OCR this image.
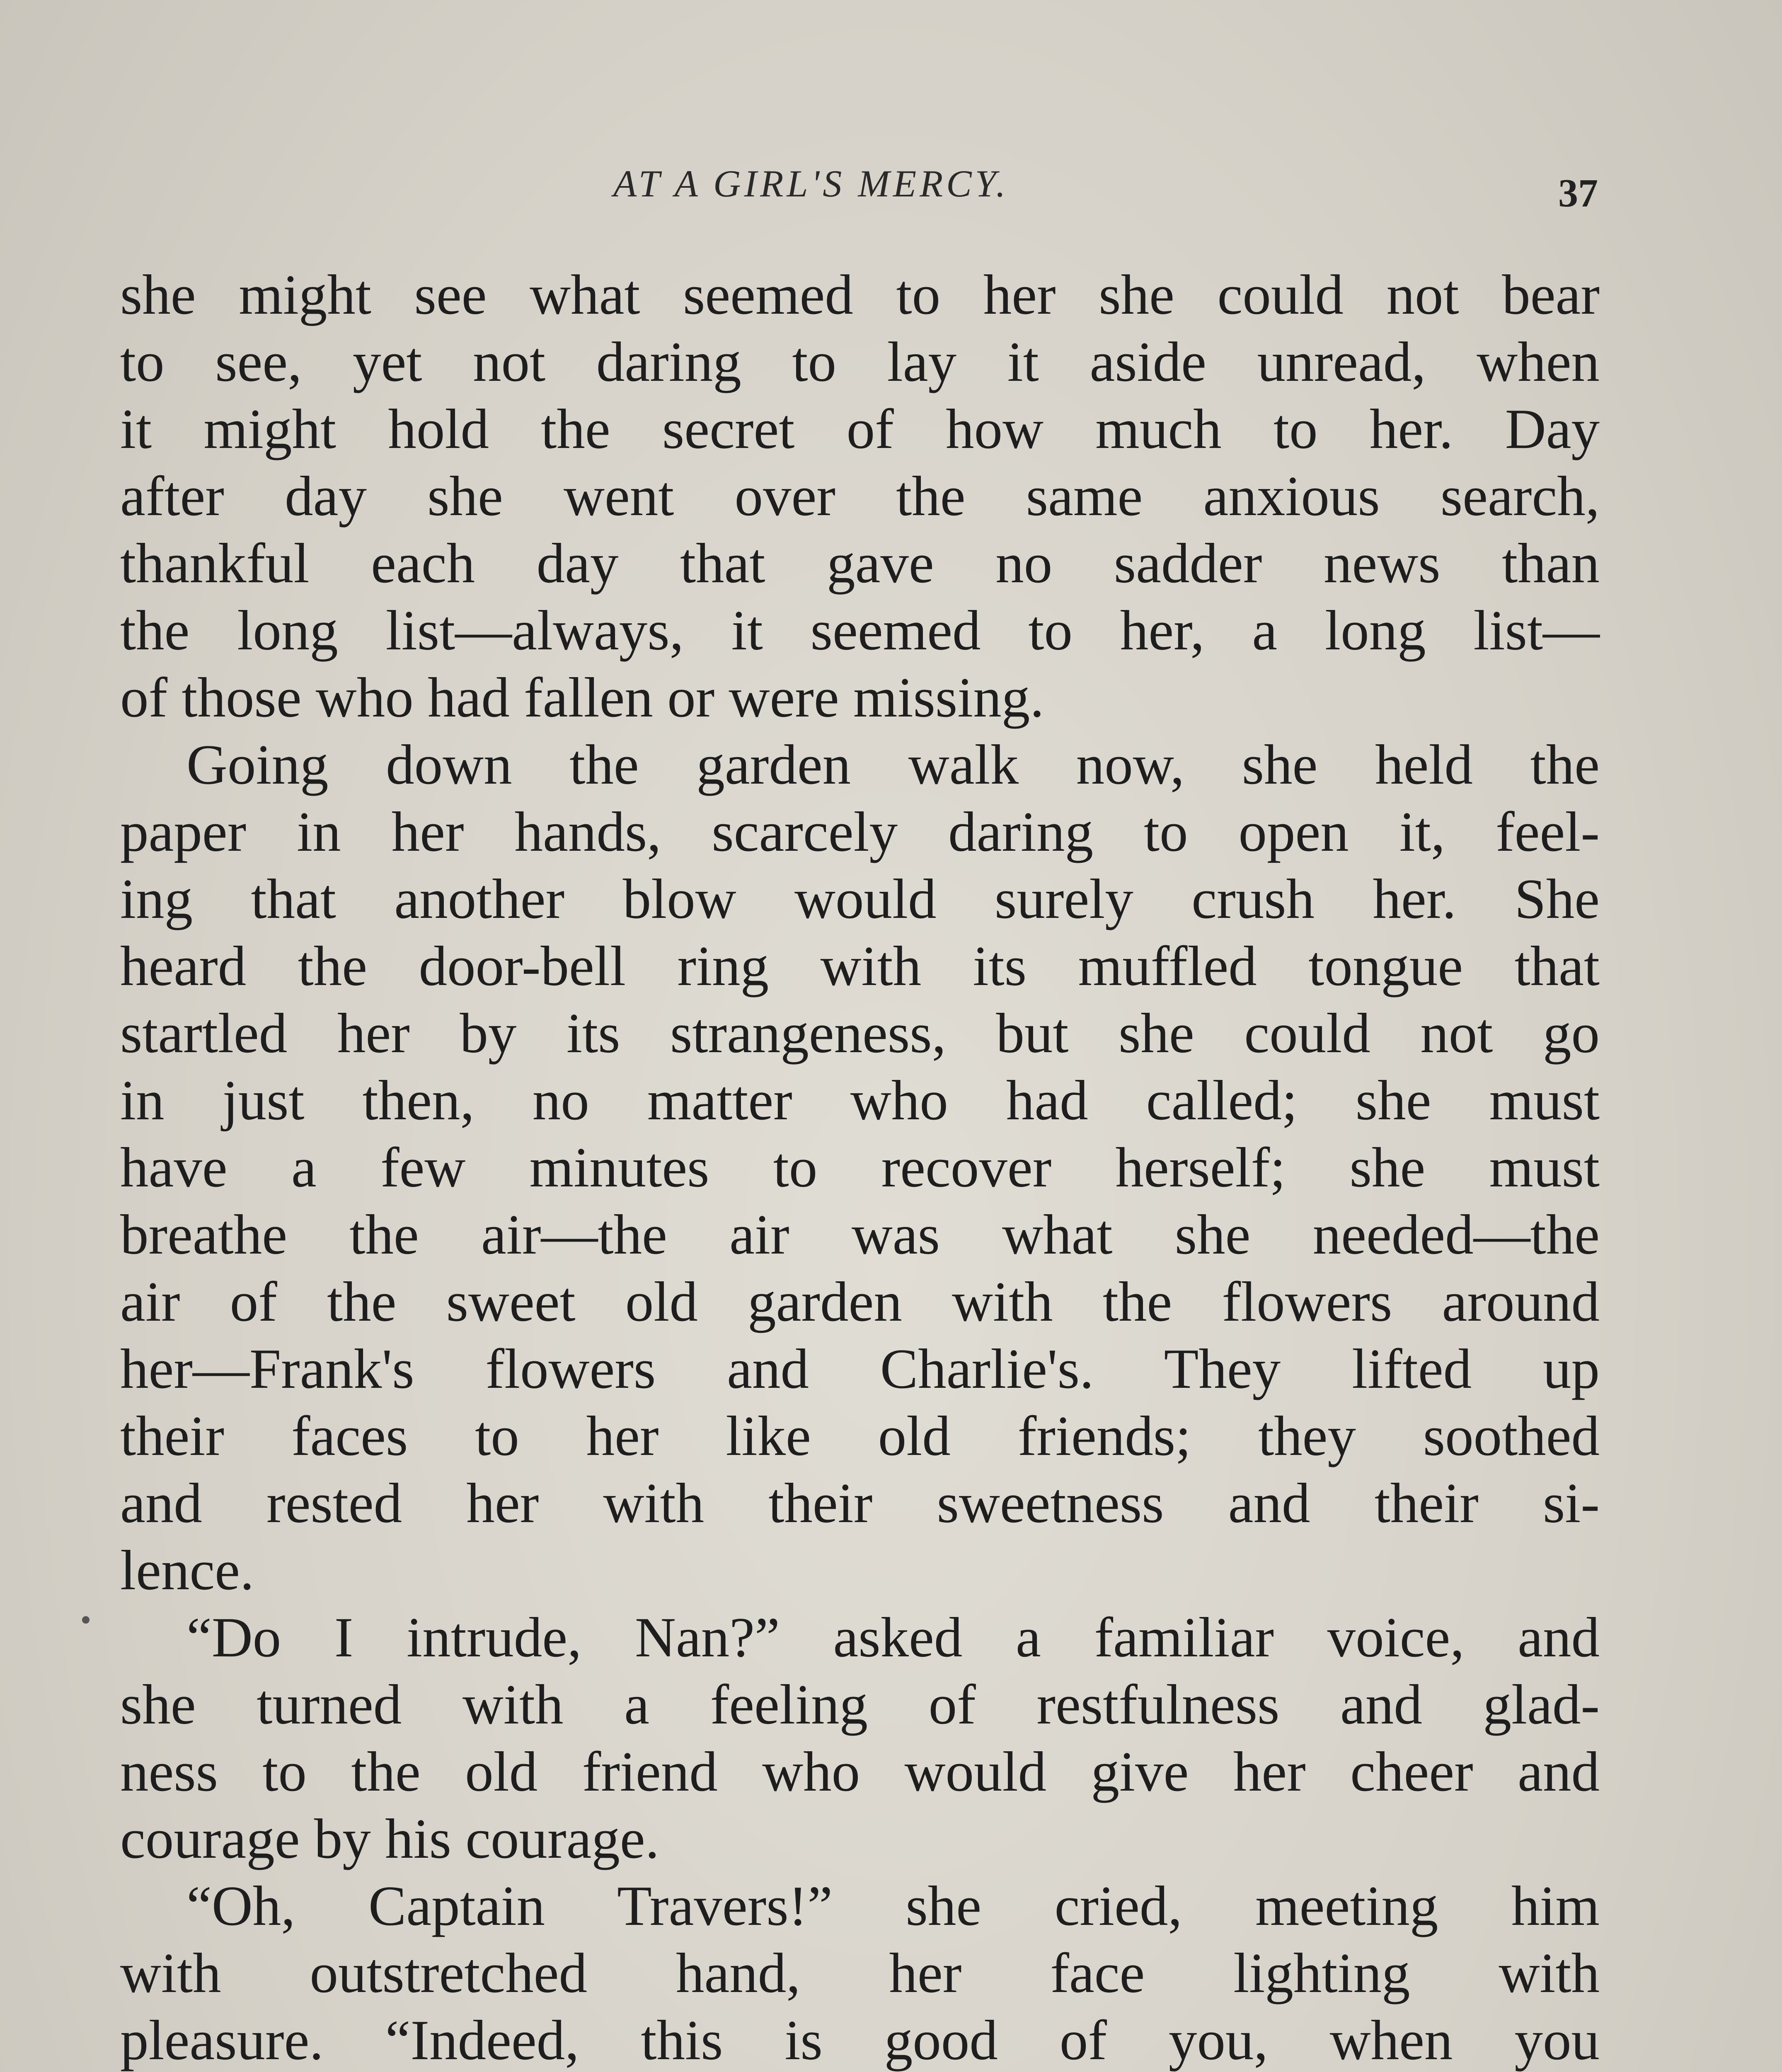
AT A GIRL'S MERCY.	37
she might see what seemed to her she could not bear
to see, yet not daring to lay it aside unread, when
it might hold the secret of how much to her. Day
after day she went over the same anxious search,
thankful each day that gave no sadder news than
the long list—always, it seemed to her, a long list—
of those who had fallen or were missing.
Going down the garden walk now, she held the
paper in her hands, scarcely daring to open it, feel-
ing that another blow would surely crush her. She
heard the door-bell ring with its muffled tongue that
startled her by its strangeness, but she could not go
in just then, no matter who had called; she must
have a few minutes to recover herself; she must
breathe the air—the air was what she needed—the
air of the sweet old garden with the flowers around
her—Frank's flowers and Charlie's. They lifted up
their faces to her like old friends; they soothed
and rested her with their sweetness and their si-
lence.
“Do I intrude, Nan?” asked a familiar voice, and
she turned with a feeling of restfulness and glad-
ness to the old friend who would give her cheer and
courage by his courage.
“Oh, Captain Travers!” she cried, meeting him
with outstretched hand, her face lighting with
pleasure. “Indeed, this is good of you, when you
